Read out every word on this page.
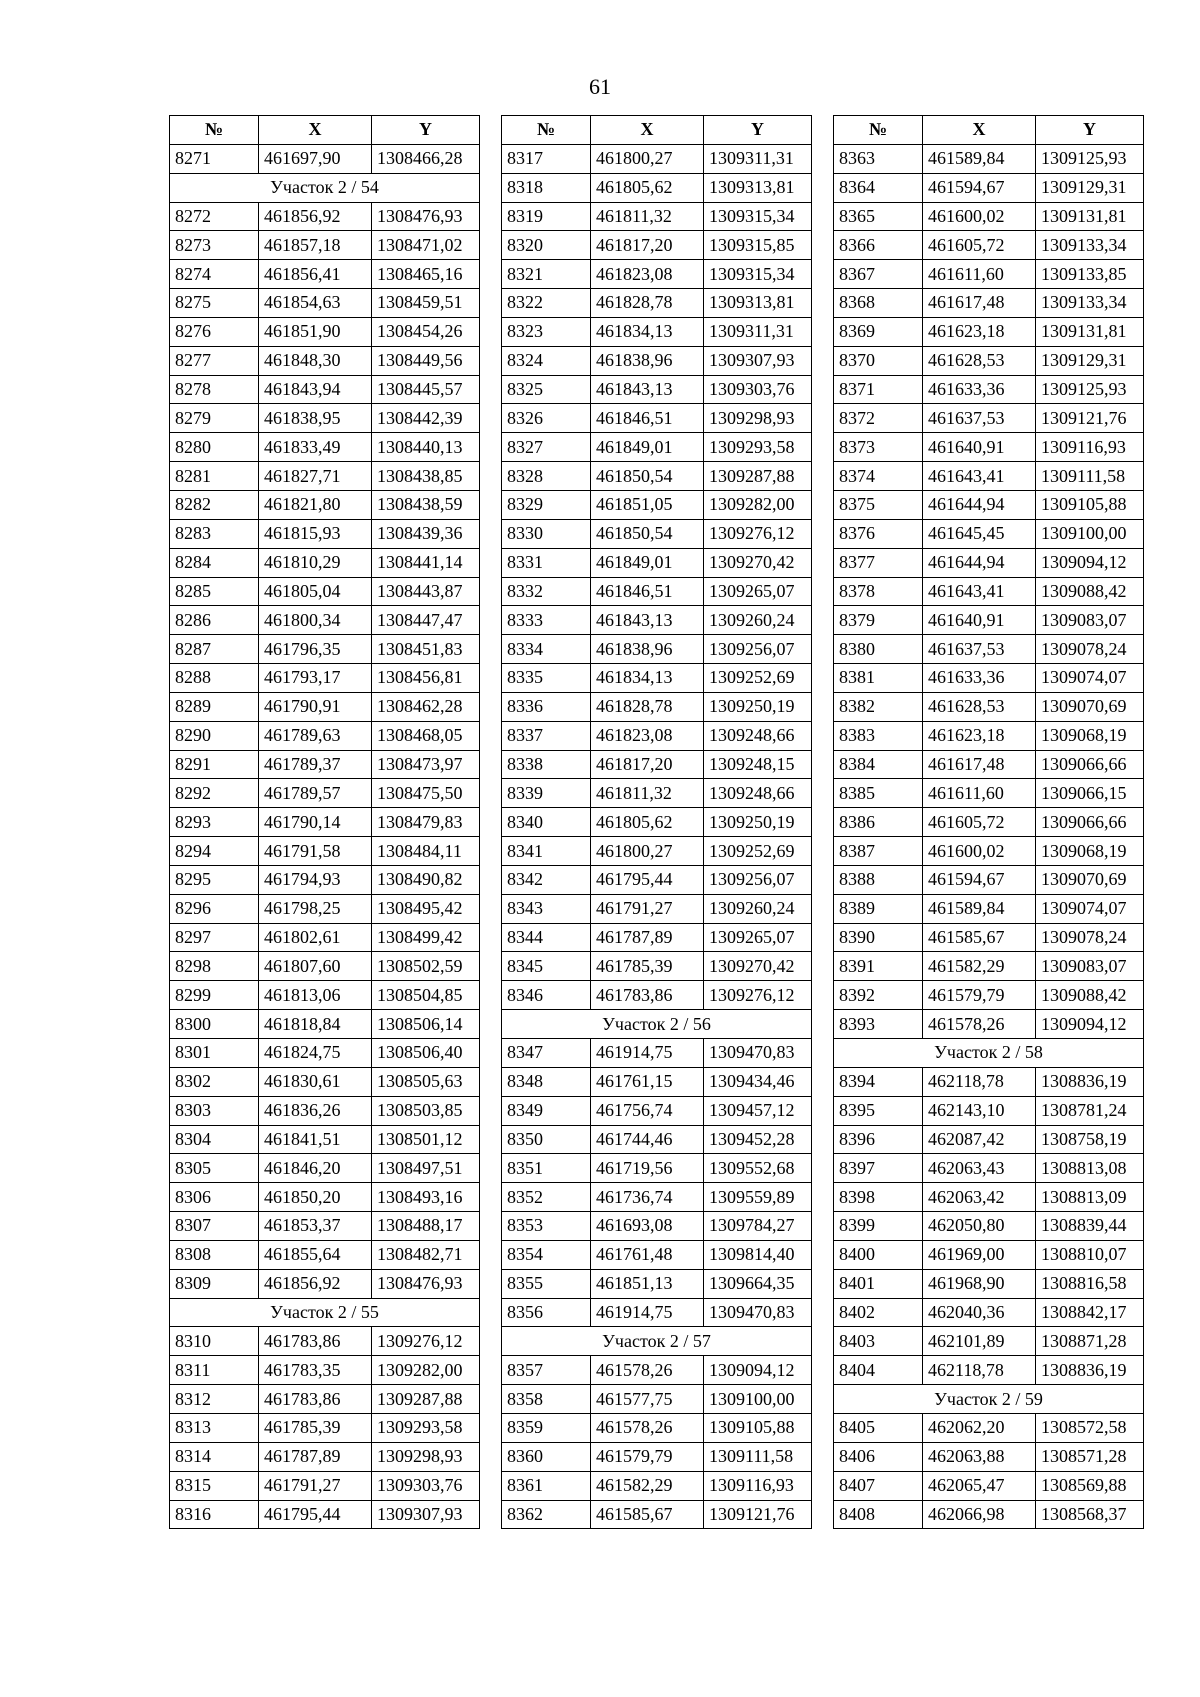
61
№	X	Y
8271	461697,90	1308466,28
Участок 2 / 54		
8272	461856,92	1308476,93
8273	461857,18	1308471,02
8274	461856,41	1308465,16
8275	461854,63	1308459,51
8276	461851,90	1308454,26
8277	461848,30	1308449,56
8278	461843,94	1308445,57
8279	461838,95	1308442,39
8280	461833,49	1308440,13
8281	461827,71	1308438,85
8282	461821,80	1308438,59
8283	461815,93	1308439,36
8284	461810,29	1308441,14
8285	461805,04	1308443,87
8286	461800,34	1308447,47
8287	461796,35	1308451,83
8288	461793,17	1308456,81
8289	461790,91	1308462,28
8290	461789,63	1308468,05
8291	461789,37	1308473,97
8292	461789,57	1308475,50
8293	461790,14	1308479,83
8294	461791,58	1308484,11
8295	461794,93	1308490,82
8296	461798,25	1308495,42
8297	461802,61	1308499,42
8298	461807,60	1308502,59
8299	461813,06	1308504,85
8300	461818,84	1308506,14
8301	461824,75	1308506,40
8302	461830,61	1308505,63
8303	461836,26	1308503,85
8304	461841,51	1308501,12
8305	461846,20	1308497,51
8306	461850,20	1308493,16
8307	461853,37	1308488,17
8308	461855,64	1308482,71
8309	461856,92	1308476,93
Участок 2 / 55		
8310	461783,86	1309276,12
8311	461783,35	1309282,00
8312	461783,86	1309287,88
8313	461785,39	1309293,58
8314	461787,89	1309298,93
8315	461791,27	1309303,76
8316	461795,44	1309307,93
№	X	Y
8317	461800,27	1309311,31
8318	461805,62	1309313,81
8319	461811,32	1309315,34
8320	461817,20	1309315,85
8321	461823,08	1309315,34
8322	461828,78	1309313,81
8323	461834,13	1309311,31
8324	461838,96	1309307,93
8325	461843,13	1309303,76
8326	461846,51	1309298,93
8327	461849,01	1309293,58
8328	461850,54	1309287,88
8329	461851,05	1309282,00
8330	461850,54	1309276,12
8331	461849,01	1309270,42
8332	461846,51	1309265,07
8333	461843,13	1309260,24
8334	461838,96	1309256,07
8335	461834,13	1309252,69
8336	461828,78	1309250,19
8337	461823,08	1309248,66
8338	461817,20	1309248,15
8339	461811,32	1309248,66
8340	461805,62	1309250,19
8341	461800,27	1309252,69
8342	461795,44	1309256,07
8343	461791,27	1309260,24
8344	461787,89	1309265,07
8345	461785,39	1309270,42
8346	461783,86	1309276,12
Участок 2 / 56		
8347	461914,75	1309470,83
8348	461761,15	1309434,46
8349	461756,74	1309457,12
8350	461744,46	1309452,28
8351	461719,56	1309552,68
8352	461736,74	1309559,89
8353	461693,08	1309784,27
8354	461761,48	1309814,40
8355	461851,13	1309664,35
8356	461914,75	1309470,83
Участок 2 / 57		
8357	461578,26	1309094,12
8358	461577,75	1309100,00
8359	461578,26	1309105,88
8360	461579,79	1309111,58
8361	461582,29	1309116,93
8362	461585,67	1309121,76
№	X	Y
8363	461589,84	1309125,93
8364	461594,67	1309129,31
8365	461600,02	1309131,81
8366	461605,72	1309133,34
8367	461611,60	1309133,85
8368	461617,48	1309133,34
8369	461623,18	1309131,81
8370	461628,53	1309129,31
8371	461633,36	1309125,93
8372	461637,53	1309121,76
8373	461640,91	1309116,93
8374	461643,41	1309111,58
8375	461644,94	1309105,88
8376	461645,45	1309100,00
8377	461644,94	1309094,12
8378	461643,41	1309088,42
8379	461640,91	1309083,07
8380	461637,53	1309078,24
8381	461633,36	1309074,07
8382	461628,53	1309070,69
8383	461623,18	1309068,19
8384	461617,48	1309066,66
8385	461611,60	1309066,15
8386	461605,72	1309066,66
8387	461600,02	1309068,19
8388	461594,67	1309070,69
8389	461589,84	1309074,07
8390	461585,67	1309078,24
8391	461582,29	1309083,07
8392	461579,79	1309088,42
8393	461578,26	1309094,12
Участок 2 / 58		
8394	462118,78	1308836,19
8395	462143,10	1308781,24
8396	462087,42	1308758,19
8397	462063,43	1308813,08
8398	462063,42	1308813,09
8399	462050,80	1308839,44
8400	461969,00	1308810,07
8401	461968,90	1308816,58
8402	462040,36	1308842,17
8403	462101,89	1308871,28
8404	462118,78	1308836,19
Участок 2 / 59		
8405	462062,20	1308572,58
8406	462063,88	1308571,28
8407	462065,47	1308569,88
8408	462066,98	1308568,37
